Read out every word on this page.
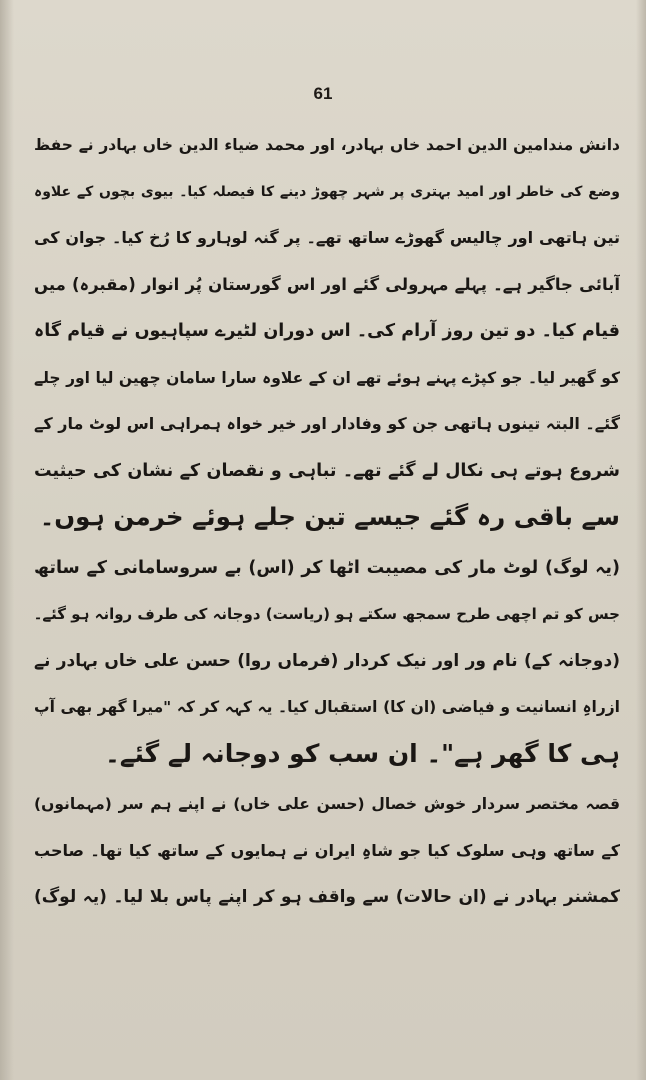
61
دانش مندامین الدین احمد خاں بہادر، اور محمد ضیاء الدین خاں بہادر نے حفظ
وضع کی خاطر اور امید بہتری پر شہر چھوڑ دینے کا فیصلہ کیا۔ بیوی بچوں کے علاوہ
تین ہاتھی اور چالیس گھوڑے ساتھ تھے۔ پر گنہ لوہارو کا رُخ کیا۔ جوان کی
آبائی جاگیر ہے۔ پہلے مہرولی گئے اور اس گورستان پُر انوار (مقبرہ) میں
قیام کیا۔ دو تین روز آرام کی۔ اس دوران لٹیرے سپاہیوں نے قیام گاہ
کو گھیر لیا۔ جو کپڑے پہنے ہوئے تھے ان کے علاوہ سارا سامان چھین لیا اور چلے
گئے۔ البتہ تینوں ہاتھی جن کو وفادار اور خیر خواہ ہمراہی اس لوٹ مار کے
شروع ہوتے ہی نکال لے گئے تھے۔ تباہی و نقصان کے نشان کی حیثیت
سے باقی رہ گئے جیسے تین جلے ہوئے خرمن ہوں۔
(یہ لوگ) لوٹ مار کی مصیبت اٹھا کر (اس) بے سروسامانی کے ساتھ
جس کو تم اچھی طرح سمجھ سکتے ہو (ریاست) دوجانہ کی طرف روانہ ہو گئے۔
(دوجانہ کے) نام ور اور نیک کردار (فرماں روا) حسن علی خاں بہادر نے
ازراہِ انسانیت و فیاضی (ان کا) استقبال کیا۔ یہ کہہ کر کہ "میرا گھر بھی آپ
ہی کا گھر ہے"۔ ان سب کو دوجانہ لے گئے۔
قصہ مختصر سردار خوش خصال (حسن علی خاں) نے اپنے ہم سر (مہمانوں)
کے ساتھ وہی سلوک کیا جو شاہِ ایران نے ہمایوں کے ساتھ کیا تھا۔ صاحب
کمشنر بہادر نے (ان حالات) سے واقف ہو کر اپنے پاس بلا لیا۔ (یہ لوگ)
